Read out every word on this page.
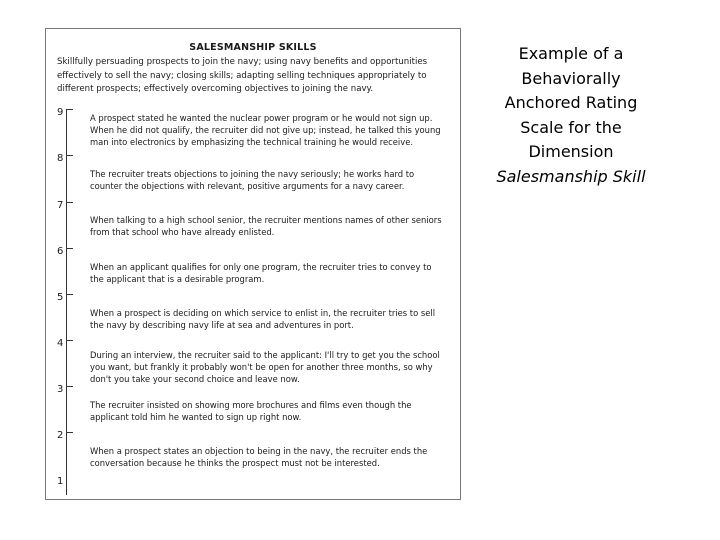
SALESMANSHIP SKILLS
Skillfully persuading prospects to join the navy; using navy benefits and opportunities effectively to sell the navy; closing skills; adapting selling techniques appropriately to different prospects; effectively overcoming objectives to joining the navy.
9
8
7
6
5
4
3
2
1
A prospect stated he wanted the nuclear power program or he would not sign up. When he did not qualify, the recruiter did not give up; instead, he talked this young man into electronics by emphasizing the technical training he would receive.
The recruiter treats objections to joining the navy seriously; he works hard to counter the objections with relevant, positive arguments for a navy career.
When talking to a high school senior, the recruiter mentions names of other seniors from that school who have already enlisted.
When an applicant qualifies for only one program, the recruiter tries to convey to the applicant that is a desirable program.
When a prospect is deciding on which service to enlist in, the recruiter tries to sell the navy by describing navy life at sea and adventures in port.
During an interview, the recruiter said to the applicant: I'll try to get you the school you want, but frankly it probably won't be open for another three months, so why don't you take your second choice and leave now.
The recruiter insisted on showing more brochures and films even though the applicant told him he wanted to sign up right now.
When a prospect states an objection to being in the navy, the recruiter ends the conversation because he thinks the prospect must not be interested.
Example of a
Behaviorally
Anchored Rating
Scale for the
Dimension
Salesmanship Skill
